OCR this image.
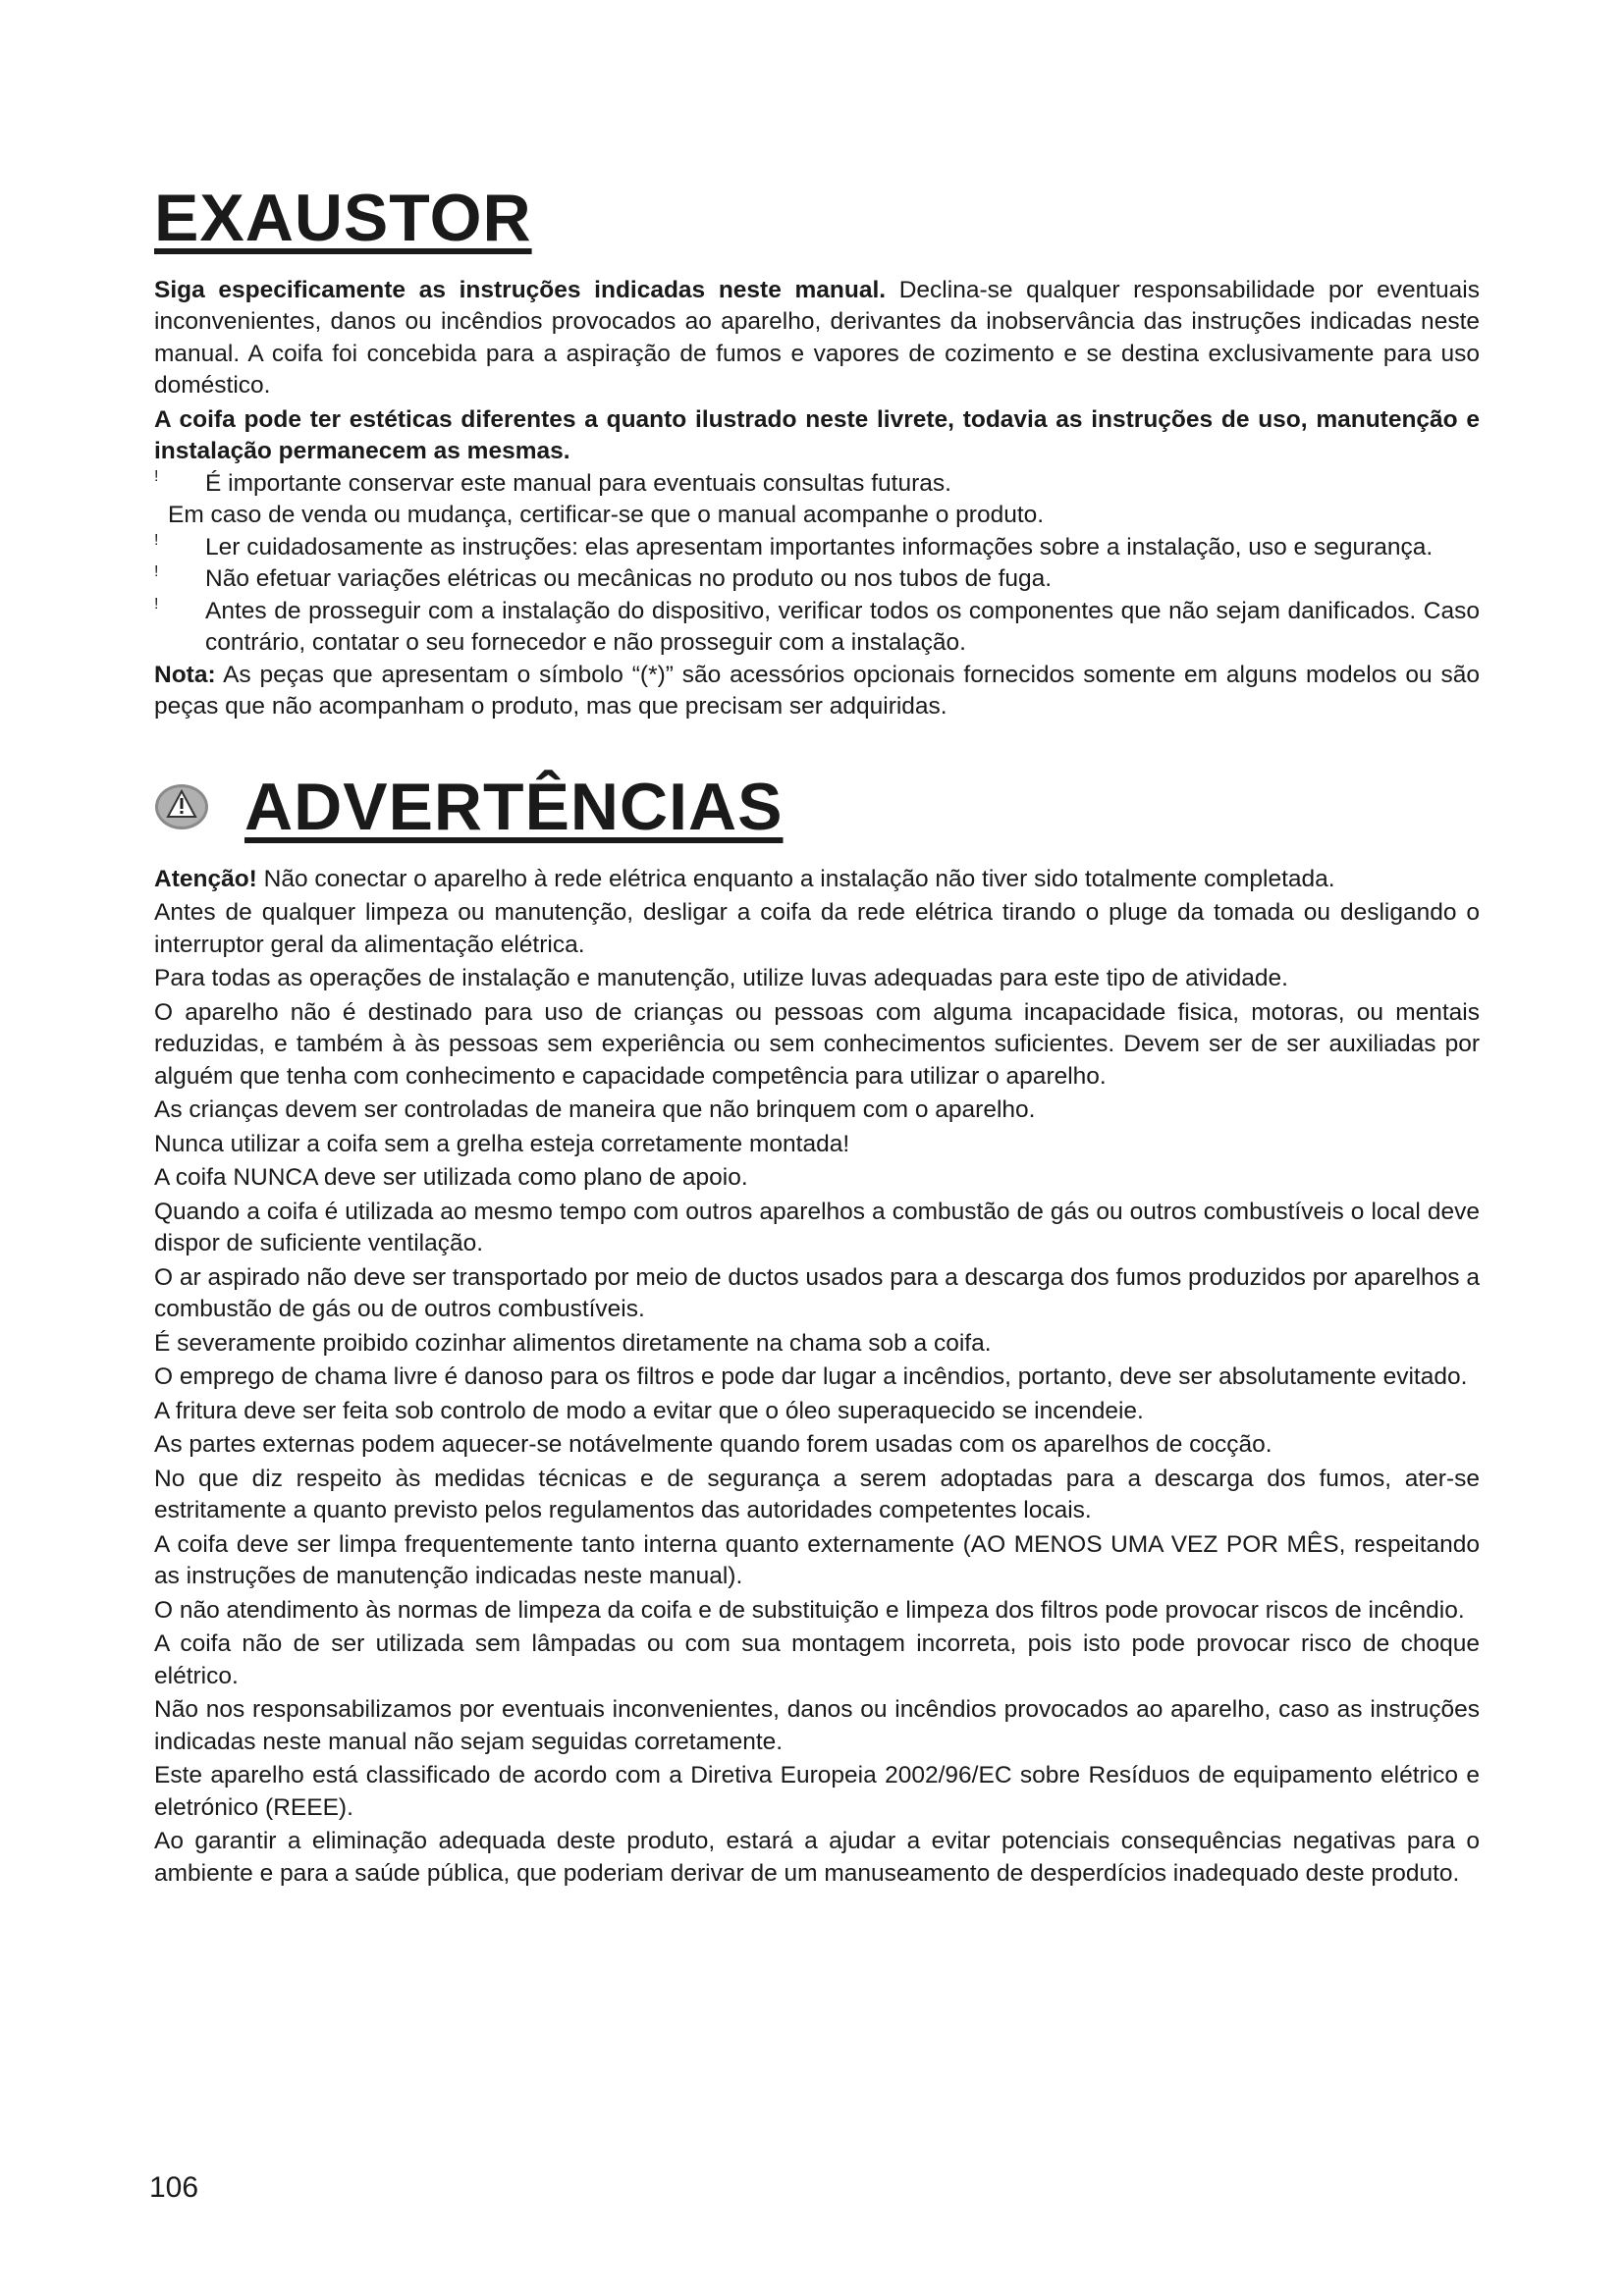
EXAUSTOR

Siga especificamente as instruções indicadas neste manual. Declina-se qualquer responsabilidade por eventuais inconvenientes, danos ou incêndios provocados ao aparelho, derivantes da inobservância das instruções indicadas neste manual. A coifa foi concebida para a aspiração de fumos e vapores de cozimento e se destina exclusivamente para uso doméstico.

A coifa pode ter estéticas diferentes a quanto ilustrado neste livrete, todavia as instruções de uso, manutenção e instalação permanecem as mesmas.

!	É importante conservar este manual para eventuais consultas futuras.

Em caso de venda ou mudança, certificar-se que o manual acompanhe o produto.

!	Ler cuidadosamente as instruções: elas apresentam importantes informações sobre a instalação, uso e segurança.

!	Não efetuar variações elétricas ou mecânicas no produto ou nos tubos de fuga.

!	Antes de prosseguir com a instalação do dispositivo, verificar todos os componentes que não sejam danificados. Caso contrário, contatar o seu fornecedor e não prosseguir com a instalação.

Nota: As peças que apresentam o símbolo “(*)” são acessórios opcionais fornecidos somente em alguns modelos ou são peças que não acompanham o produto, mas que precisam ser adquiridas.

ADVERTÊNCIAS

Atenção! Não conectar o aparelho à rede elétrica enquanto a instalação não tiver sido totalmente completada.

Antes de qualquer limpeza ou manutenção, desligar a coifa da rede elétrica tirando o pluge da tomada ou desligando o interruptor geral da alimentação elétrica.

Para todas as operações de instalação e manutenção, utilize luvas adequadas para este tipo de atividade.

O aparelho não é destinado para uso de crianças ou pessoas com alguma incapacidade fisica, motoras, ou mentais reduzidas, e também à às pessoas sem experiência ou sem conhecimentos suficientes. Devem ser de ser auxiliadas por alguém que tenha com conhecimento e capacidade competência para utilizar o aparelho.

As crianças devem ser controladas de maneira que não brinquem com o aparelho.

Nunca utilizar a coifa sem a grelha esteja corretamente montada!

A coifa NUNCA deve ser utilizada como plano de apoio.

Quando a coifa é utilizada ao mesmo tempo com outros aparelhos a combustão de gás ou outros combustíveis o local deve dispor de suficiente ventilação.

O ar aspirado não deve ser transportado por meio de ductos usados para a descarga dos fumos produzidos por aparelhos a combustão de gás ou de outros combustíveis.

É severamente proibido cozinhar alimentos diretamente na chama sob a coifa.

O emprego de chama livre é danoso para os filtros e pode dar lugar a incêndios, portanto, deve ser absolutamente evitado.

A fritura deve ser feita sob controlo de modo a evitar que o óleo superaquecido se incendeie.

As partes externas podem aquecer-se notávelmente quando forem usadas com os aparelhos de cocção.

No que diz respeito às medidas técnicas e de segurança a serem adoptadas para a descarga dos fumos, ater-se estritamente a quanto previsto pelos regulamentos das autoridades competentes locais.

A coifa deve ser limpa frequentemente tanto interna quanto externamente (AO MENOS UMA VEZ POR MÊS, respeitando as instruções de manutenção indicadas neste manual).

O não atendimento às normas de limpeza da coifa e de substituição e limpeza dos filtros pode provocar riscos de incêndio.

A coifa não de ser utilizada sem lâmpadas ou com sua montagem incorreta, pois isto pode provocar risco de choque elétrico.

Não nos responsabilizamos por eventuais inconvenientes, danos ou incêndios provocados ao aparelho, caso as instruções indicadas neste manual não sejam seguidas corretamente.

Este aparelho está classificado de acordo com a Diretiva Europeia 2002/96/EC sobre Resíduos de equipamento elétrico e eletrónico (REEE).

Ao garantir a eliminação adequada deste produto, estará a ajudar a evitar potenciais consequências negativas para o ambiente e para a saúde pública, que poderiam derivar de um manuseamento de desperdícios inadequado deste produto.

106
